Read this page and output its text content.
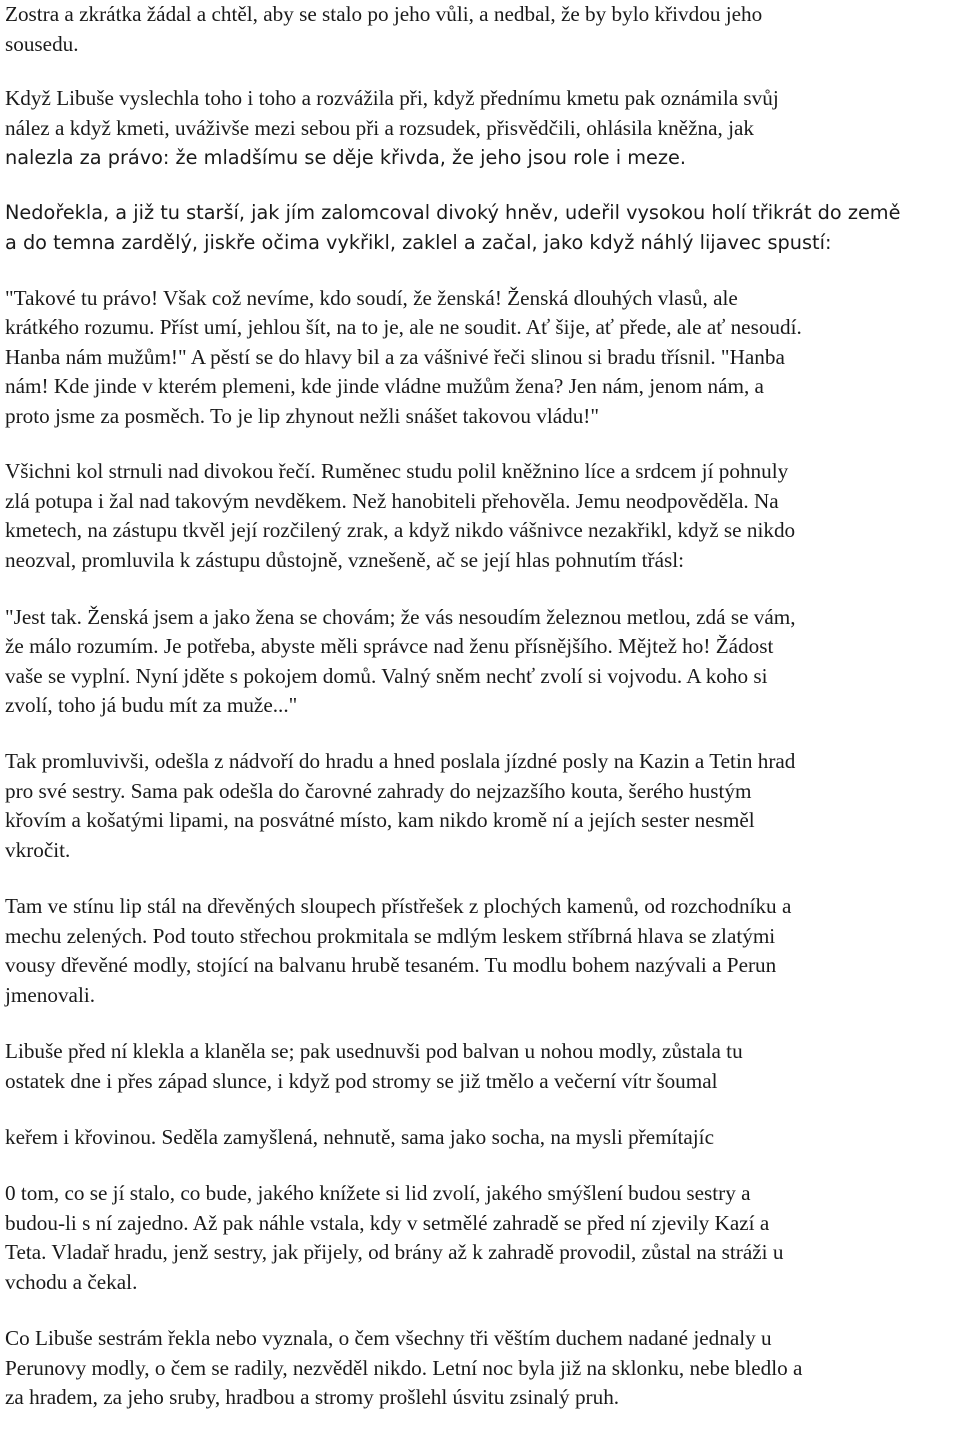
Zostra a zkrátka žádal a chtěl, aby se stalo po jeho vůli, a nedbal, že by bylo křivdou jeho
sousedu.
Když Libuše vyslechla toho i toho a rozvážila při, když přednímu kmetu pak oznámila svůj
nález a když kmeti, uváživše mezi sebou při a rozsudek, přisvědčili, ohlásila kněžna, jak
nalezla za právo: že mladšímu se děje křivda, že jeho jsou role i meze.
Nedořekla, a již tu starší, jak jím zalomcoval divoký hněv, udeřil vysokou holí třikrát do země
a do temna zardělý, jiskře očima vykřikl, zaklel a začal, jako když náhlý lijavec spustí:
"Takové tu právo! Však což nevíme, kdo soudí, že ženská! Ženská dlouhých vlasů, ale
krátkého rozumu. Příst umí, jehlou šít, na to je, ale ne soudit. Ať šije, ať přede, ale ať nesoudí.
Hanba nám mužům!" A pěstí se do hlavy bil a za vášnivé řeči slinou si bradu třísnil. "Hanba
nám! Kde jinde v kterém plemeni, kde jinde vládne mužům žena? Jen nám, jenom nám, a
proto jsme za posměch. To je lip zhynout nežli snášet takovou vládu!"
Všichni kol strnuli nad divokou řečí. Ruměnec studu polil kněžnino líce a srdcem jí pohnuly
zlá potupa i žal nad takovým nevděkem. Než hanobiteli přehověla. Jemu neodpověděla. Na
kmetech, na zástupu tkvěl její rozčilený zrak, a když nikdo vášnivce nezakřikl, když se nikdo
neozval, promluvila k zástupu důstojně, vznešeně, ač se její hlas pohnutím třásl:
"Jest tak. Ženská jsem a jako žena se chovám; že vás nesoudím železnou metlou, zdá se vám,
že málo rozumím. Je potřeba, abyste měli správce nad ženu přísnějšího. Mějtež ho! Žádost
vaše se vyplní. Nyní jděte s pokojem domů. Valný sněm nechť zvolí si vojvodu. A koho si
zvolí, toho já budu mít za muže..."
Tak promluvivši, odešla z nádvoří do hradu a hned poslala jízdné posly na Kazin a Tetin hrad
pro své sestry. Sama pak odešla do čarovné zahrady do nejzazšího kouta, šerého hustým
křovím a košatými lipami, na posvátné místo, kam nikdo kromě ní a jejích sester nesměl
vkročit.
Tam ve stínu lip stál na dřevěných sloupech přístřešek z plochých kamenů, od rozchodníku a
mechu zelených. Pod touto střechou prokmitala se mdlým leskem stříbrná hlava se zlatými
vousy dřevěné modly, stojící na balvanu hrubě tesaném. Tu modlu bohem nazývali a Perun
jmenovali.
Libuše před ní klekla a klaněla se; pak usednuvši pod balvan u nohou modly, zůstala tu
ostatek dne i přes západ slunce, i když pod stromy se již tmělo a večerní vítr šoumal
keřem i křovinou. Seděla zamyšlená, nehnutě, sama jako socha, na mysli přemítajíc
0 tom, co se jí stalo, co bude, jakého knížete si lid zvolí, jakého smýšlení budou sestry a
budou-li s ní zajedno. Až pak náhle vstala, kdy v setmělé zahradě se před ní zjevily Kazí a
Teta. Vladař hradu, jenž sestry, jak přijely, od brány až k zahradě provodil, zůstal na stráži u
vchodu a čekal.
Co Libuše sestrám řekla nebo vyznala, o čem všechny tři věštím duchem nadané jednaly u
Perunovy modly, o čem se radily, nezvěděl nikdo. Letní noc byla již na sklonku, nebe bledlo a
za hradem, za jeho sruby, hradbou a stromy prošlehl úsvitu zsinalý pruh.
